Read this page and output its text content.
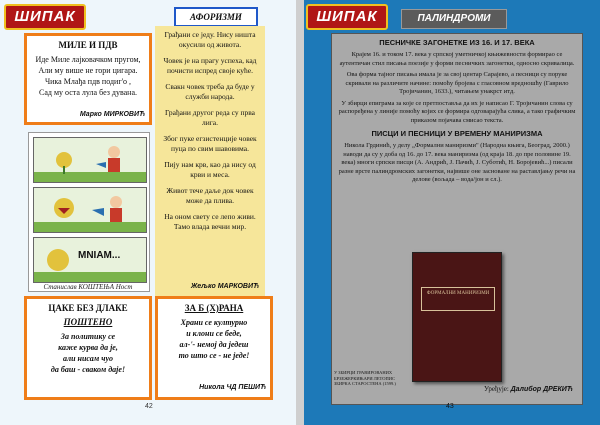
ШИПАК	АФОРИЗМИ
МИЛЕ И ПДВ
Иде Миле лајковачком пругом,
Али му више не гори цигара.
Чика Млађа пдв подиг'о ,
Сад му оста лула без дувана.
Марко МИРКОВИЋ
Грађани се једу. Нису ништа окусили од живота.
Човек је на прагу успеха, кад почисти испред своје куће.
Свакн човек треба да буде у служби народа.
Грађани другог реда су прва лига.
Због пуке егзистенције човек пуца по свим шавовима.
Пију нам крв, као да нису од крви и меса.
Живот тече даље док човек може да плива.
На оном свету се лепо живи. Тамо влада вечни мир.
Жељко МАРКОВИЋ
MNIAM...
Станислав КОШТЕЊА Ност
ЦАКЕ БЕЗ ДЛАКЕ
ПОШТЕНО
За политику се
каже курва да је,
али нисам чуо
да баш - сваком даје!
ЗА Б (Х)РАНА
Храни се културно
и клони се беде,
ал-'- немој да једеш
то што се - не једе!
Никола ЧД ПЕШИЋ
42
ШИПАК	ПАЛИНДРОМИ
ПЕСНИЧКЕ ЗАГОНЕТКЕ ИЗ 16. И 17. ВЕКА
Крајем 16. и током 17. века у српској уметничкој књижевности формирао се аутентичан стил писања поезије у форми песничких загонетки, односно скривалица.
Ова форма тајног писања имала је за свој центар Сарајево, а песници су поруке скривали на различите начине: помоћу бројева с гласовном вредношћу (Гаврило Тројичанин, 1633.), читањем унакрст итд.
У збирци епиграма за које се претпоставља да их је написао Г. Тројичанин слова су распоређена у линије помоћу којих се формира одговарајућа слика, а тако графичким приказом појачава смисао текста.
ПИСЦИ И ПЕСНИЦИ У ВРЕМЕНУ МАНИРИЗМА
Никола Грдинић, у делу „Формални маниризми" (Народна књига, Београд, 2000.) наводи да су у доба од 16. до 17. века манириэма (од краја 18. до пре половине 19. века) многи српски писци (А. Андрић, Ј. Пачић, Ј. Суботић, Н. Боројевић...) писали разне врсте палиндромских загонетки, највише оне засноване на раставлjању речи на делове (вољада – вода/јон и сл.).
ФОРМАЛНИ МАНИРИЗМИ
У ЗБИРЦИ ГРАВИРОВАНИХ БРЗЕЖЕРКИЊАРИ ЛЕТОПИС ЗБИРКА СТАРОСТЕНА (1599.)
Уређује: Далибор ДРЕКИЋ
43
